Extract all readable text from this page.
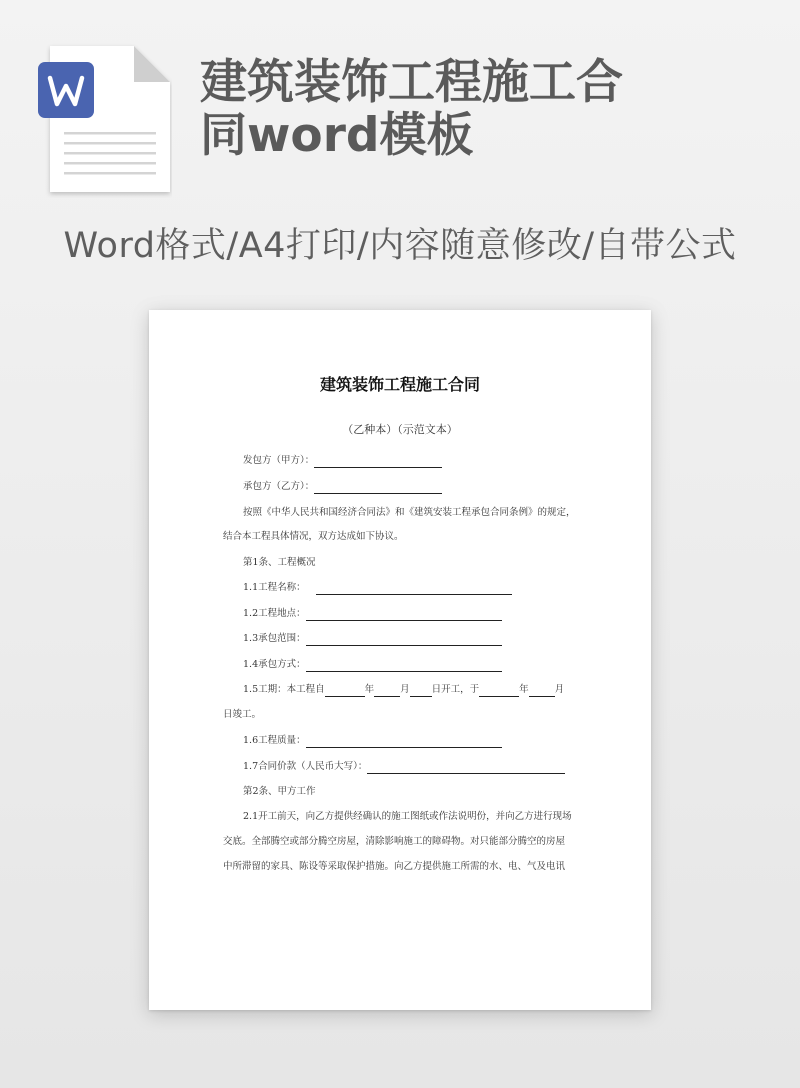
建筑装饰工程施工合
同word模板
Word格式/A4打印/内容随意修改/自带公式
建筑装饰工程施工合同
（乙种本）（示范文本）
发包方（甲方）：
承包方（乙方）：
按照《中华人民共和国经济合同法》和《建筑安装工程承包合同条例》的规定，
结合本工程具体情况，双方达成如下协议。
第1条、工程概况
1.1工程名称：
1.2工程地点：
1.3承包范围：
1.4承包方式：
1.5工期：本工程自	年	月 日开工，于	年	月
日竣工。
1.6工程质量：
1.7合同价款（人民币大写）：
第2条、甲方工作
2.1开工前天，向乙方提供经确认的施工图纸或作法说明份，并向乙方进行现场
交底。全部腾空或部分腾空房屋，清除影响施工的障碍物。对只能部分腾空的房屋
中所滞留的家具、陈设等采取保护措施。向乙方提供施工所需的水、电、气及电讯
